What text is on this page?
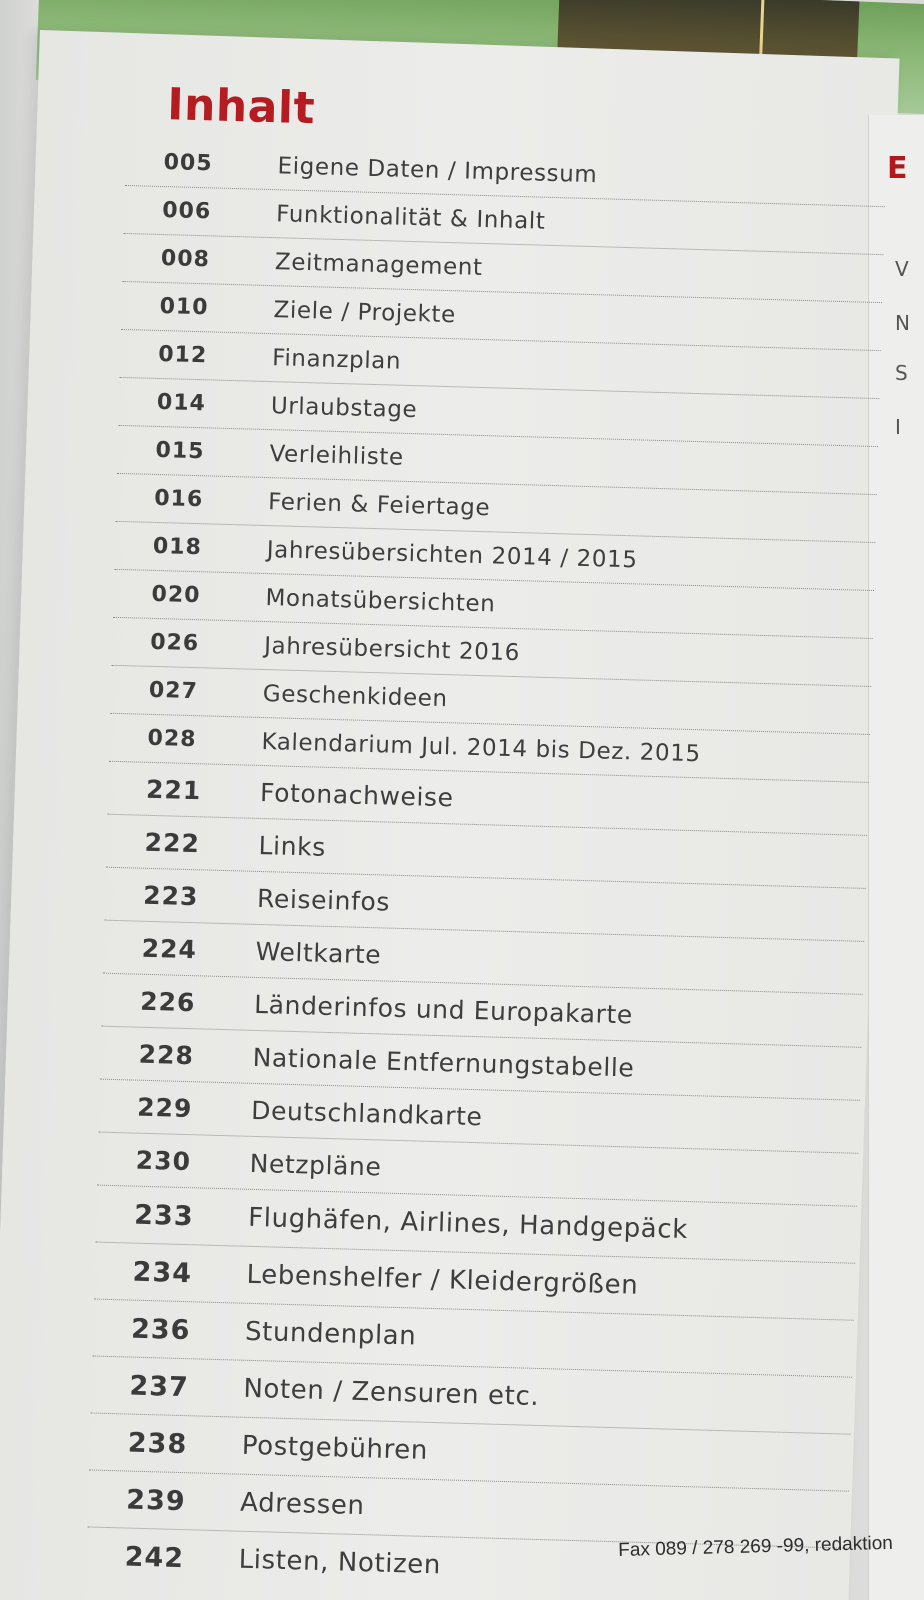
E
V
N
S
I
Inhalt
005	Eigene Daten / Impressum
006	Funktionalität & Inhalt
008	Zeitmanagement
010	Ziele / Projekte
012	Finanzplan
014	Urlaubstage
015	Verleihliste
016	Ferien & Feiertage
018	Jahresübersichten 2014 / 2015
020	Monatsübersichten
026	Jahresübersicht 2016
027	Geschenkideen
028	Kalendarium Jul. 2014 bis Dez. 2015
221	Fotonachweise
222	Links
223	Reiseinfos
224	Weltkarte
226	Länderinfos und Europakarte
228	Nationale Entfernungstabelle
229	Deutschlandkarte
230	Netzpläne
233	Flughäfen, Airlines, Handgepäck
234	Lebenshelfer / Kleidergrößen
236	Stundenplan
237	Noten / Zensuren etc.
238	Postgebühren
239	Adressen
242	Listen, Notizen	Fax 089 / 278 269 -99, redaktion
